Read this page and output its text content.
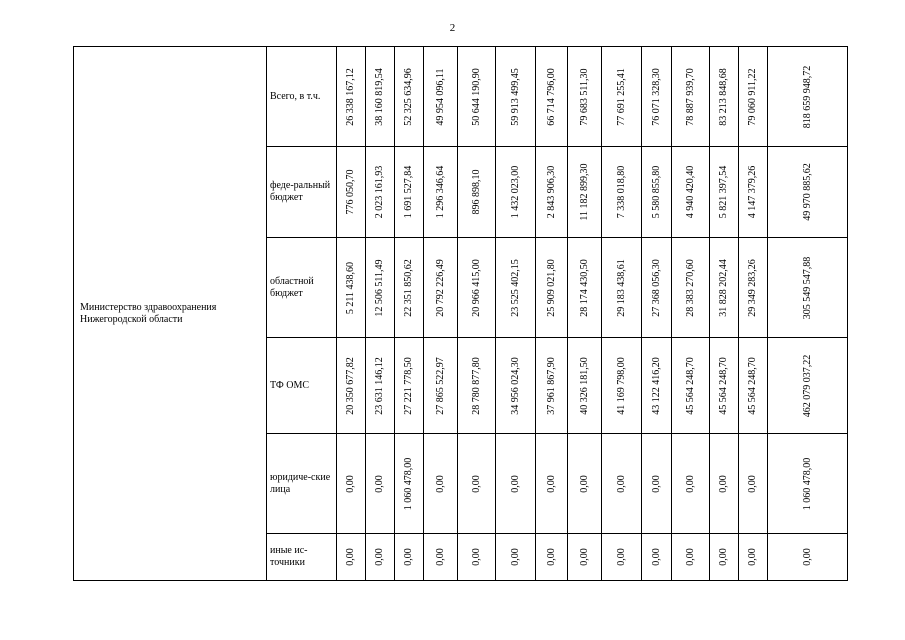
2
Министерство здравоохранения Нижегородской области	Всего, в т.ч.	26 338 167,12	38 160 819,54	52 325 634,96	49 954 096,11	50 644 190,90	59 913 499,45	66 714 796,00	79 683 511,30	77 691 255,41	76 071 328,30	78 887 939,70	83 213 848,68	79 060 911,22	818 659 948,72

	феде-ральный бюджет	776 050,70	2 023 161,93	1 691 527,84	1 296 346,64	896 898,10	1 432 023,00	2 843 906,30	11 182 899,30	7 338 018,80	5 580 855,80	4 940 420,40	5 821 397,54	4 147 379,26	49 970 885,62

	областной бюджет	5 211 438,60	12 506 511,49	22 351 850,62	20 792 226,49	20 966 415,00	23 525 402,15	25 909 021,80	28 174 430,50	29 183 438,61	27 368 056,30	28 383 270,60	31 828 202,44	29 349 283,26	305 549 547,88

	ТФ ОМС	20 350 677,82	23 631 146,12	27 221 778,50	27 865 522,97	28 780 877,80	34 956 024,30	37 961 867,90	40 326 181,50	41 169 798,00	43 122 416,20	45 564 248,70	45 564 248,70	45 564 248,70	462 079 037,22

	юридиче-ские лица	0,00	0,00	1 060 478,00	0,00	0,00	0,00	0,00	0,00	0,00	0,00	0,00	0,00	0,00	1 060 478,00

	иные ис-точники	0,00	0,00	0,00	0,00	0,00	0,00	0,00	0,00	0,00	0,00	0,00	0,00	0,00	0,00
